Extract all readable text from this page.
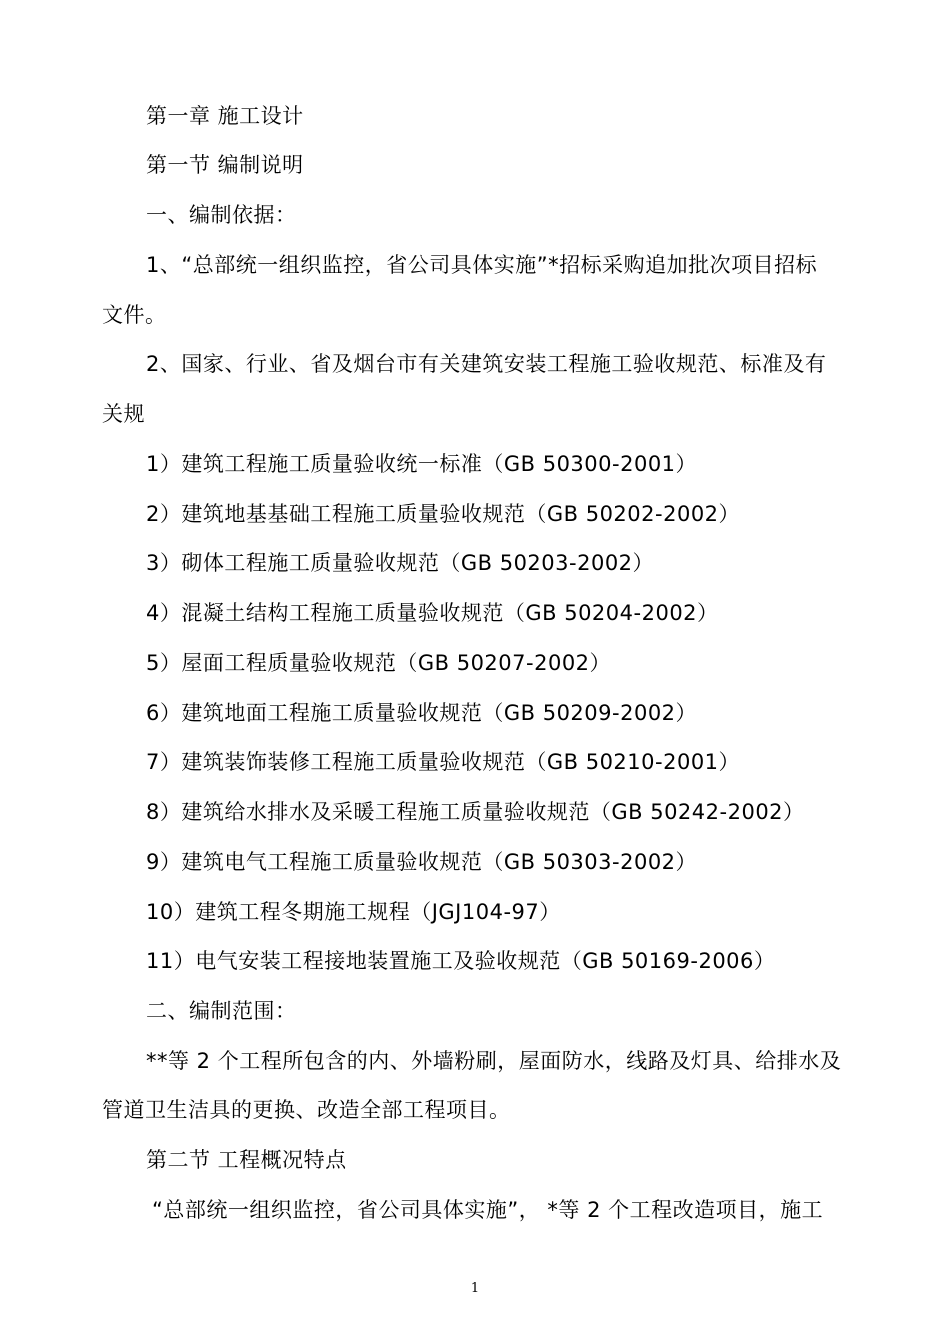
第一章 施工设计

第一节 编制说明

一、编制依据：

1、“总部统一组织监控，省公司具体实施”*招标采购追加批次项目招标

文件。

2、国家、行业、省及烟台市有关建筑安装工程施工验收规范、标准及有

关规

1）建筑工程施工质量验收统一标准（GB 50300-2001）

2）建筑地基基础工程施工质量验收规范（GB 50202-2002）

3）砌体工程施工质量验收规范（GB 50203-2002）

4）混凝土结构工程施工质量验收规范（GB 50204-2002）

5）屋面工程质量验收规范（GB 50207-2002）

6）建筑地面工程施工质量验收规范（GB 50209-2002）

7）建筑装饰装修工程施工质量验收规范（GB 50210-2001）

8）建筑给水排水及采暖工程施工质量验收规范（GB 50242-2002）

9）建筑电气工程施工质量验收规范（GB 50303-2002）

10）建筑工程冬期施工规程（JGJ104-97）

11）电气安装工程接地装置施工及验收规范（GB 50169-2006）

二、编制范围：

**等 2 个工程所包含的内、外墙粉刷，屋面防水，线路及灯具、给排水及

管道卫生洁具的更换、改造全部工程项目。

第二节 工程概况特点

“总部统一组织监控，省公司具体实施”， *等 2 个工程改造项目，施工

1
